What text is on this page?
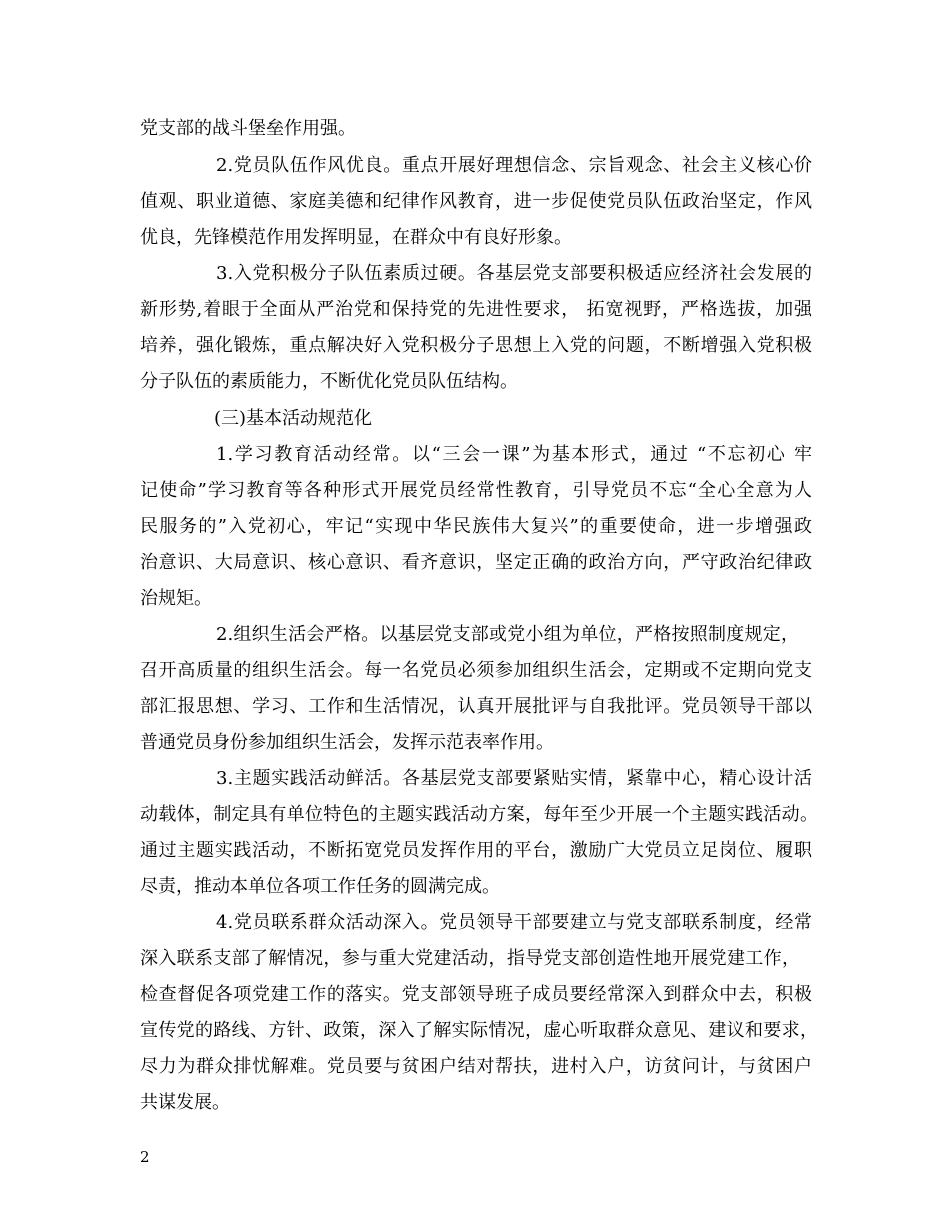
党支部的战斗堡垒作用强。
2.党员队伍作风优良。重点开展好理想信念、宗旨观念、社会主义核心价
值观、职业道德、家庭美德和纪律作风教育，进一步促使党员队伍政治坚定，作风
优良，先锋模范作用发挥明显，在群众中有良好形象。
3.入党积极分子队伍素质过硬。各基层党支部要积极适应经济社会发展的
新形势,着眼于全面从严治党和保持党的先进性要求， 拓宽视野，严格选拔，加强
培养，强化锻炼，重点解决好入党积极分子思想上入党的问题，不断增强入党积极
分子队伍的素质能力，不断优化党员队伍结构。
(三)基本活动规范化
1.学习教育活动经常。以“三会一课”为基本形式，通过 “不忘初心 牢
记使命”学习教育等各种形式开展党员经常性教育，引导党员不忘“全心全意为人
民服务的”入党初心，牢记“实现中华民族伟大复兴”的重要使命，进一步增强政
治意识、大局意识、核心意识、看齐意识，坚定正确的政治方向，严守政治纪律政
治规矩。
2.组织生活会严格。以基层党支部或党小组为单位，严格按照制度规定，
召开高质量的组织生活会。每一名党员必须参加组织生活会，定期或不定期向党支
部汇报思想、学习、工作和生活情况，认真开展批评与自我批评。党员领导干部以
普通党员身份参加组织生活会，发挥示范表率作用。
3.主题实践活动鲜活。各基层党支部要紧贴实情，紧靠中心，精心设计活
动载体，制定具有单位特色的主题实践活动方案，每年至少开展一个主题实践活动。
通过主题实践活动，不断拓宽党员发挥作用的平台，激励广大党员立足岗位、履职
尽责，推动本单位各项工作任务的圆满完成。
4.党员联系群众活动深入。党员领导干部要建立与党支部联系制度，经常
深入联系支部了解情况，参与重大党建活动，指导党支部创造性地开展党建工作，
检查督促各项党建工作的落实。党支部领导班子成员要经常深入到群众中去，积极
宣传党的路线、方针、政策，深入了解实际情况，虚心听取群众意见、建议和要求，
尽力为群众排忧解难。党员要与贫困户结对帮扶，进村入户，访贫问计，与贫困户
共谋发展。
2
